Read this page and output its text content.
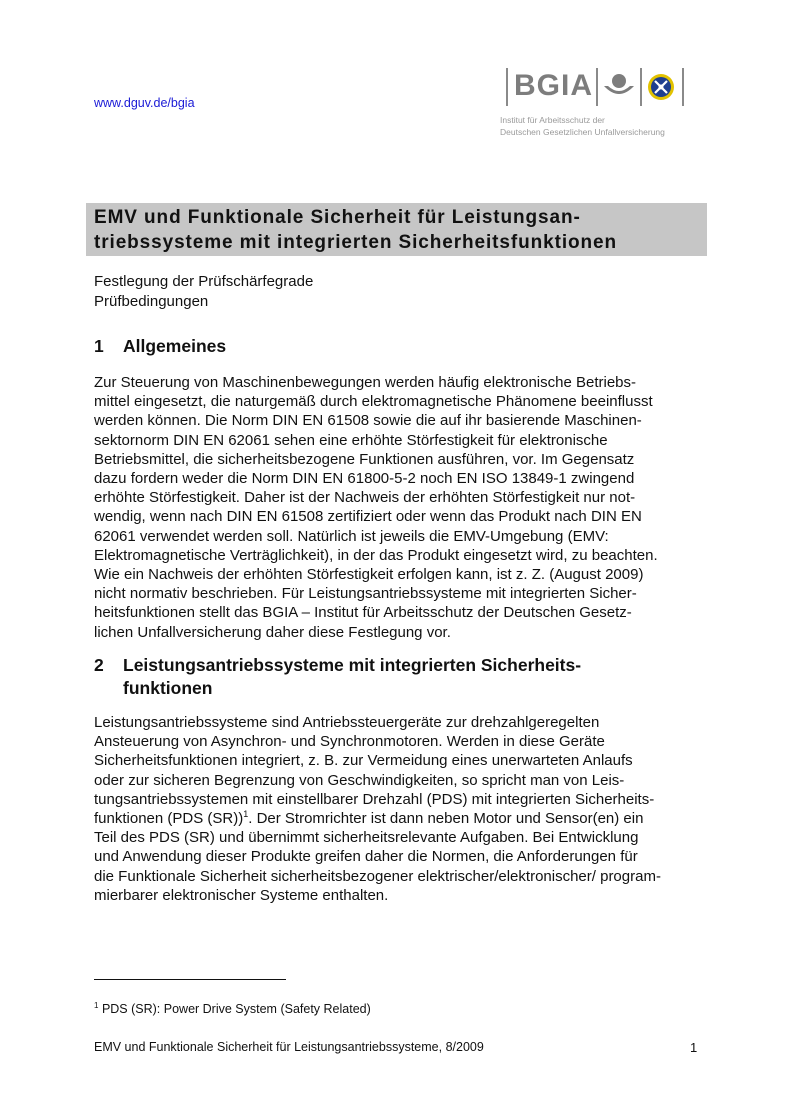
www.dguv.de/bgia
BGIA
Institut für Arbeitsschutz der
Deutschen Gesetzlichen Unfallversicherung
EMV und Funktionale Sicherheit für Leistungsan-
triebssysteme mit integrierten Sicherheitsfunktionen
Festlegung der Prüfschärfegrade
Prüfbedingungen
1 Allgemeines
Zur Steuerung von Maschinenbewegungen werden häufig elektronische Betriebs-
mittel eingesetzt, die naturgemäß durch elektromagnetische Phänomene beeinflusst
werden können. Die Norm DIN EN 61508 sowie die auf ihr basierende Maschinen-
sektornorm DIN EN 62061 sehen eine erhöhte Störfestigkeit für elektronische
Betriebsmittel, die sicherheitsbezogene Funktionen ausführen, vor. Im Gegensatz
dazu fordern weder die Norm DIN EN 61800-5-2 noch EN ISO 13849-1 zwingend
erhöhte Störfestigkeit. Daher ist der Nachweis der erhöhten Störfestigkeit nur not-
wendig, wenn nach DIN EN 61508 zertifiziert oder wenn das Produkt nach DIN EN
62061 verwendet werden soll. Natürlich ist jeweils die EMV-Umgebung (EMV:
Elektromagnetische Verträglichkeit), in der das Produkt eingesetzt wird, zu beachten.
Wie ein Nachweis der erhöhten Störfestigkeit erfolgen kann, ist z. Z. (August 2009)
nicht normativ beschrieben. Für Leistungsantriebssysteme mit integrierten Sicher-
heitsfunktionen stellt das BGIA – Institut für Arbeitsschutz der Deutschen Gesetz-
lichen Unfallversicherung daher diese Festlegung vor.
2 Leistungsantriebssysteme mit integrierten Sicherheits-
funktionen
Leistungsantriebssysteme sind Antriebssteuergeräte zur drehzahlgeregelten
Ansteuerung von Asynchron- und Synchronmotoren. Werden in diese Geräte
Sicherheitsfunktionen integriert, z. B. zur Vermeidung eines unerwarteten Anlaufs
oder zur sicheren Begrenzung von Geschwindigkeiten, so spricht man von Leis-
tungsantriebssystemen mit einstellbarer Drehzahl (PDS) mit integrierten Sicherheits-
funktionen (PDS (SR))$^1$. Der Stromrichter ist dann neben Motor und Sensor(en) ein
Teil des PDS (SR) und übernimmt sicherheitsrelevante Aufgaben. Bei Entwicklung
und Anwendung dieser Produkte greifen daher die Normen, die Anforderungen für
die Funktionale Sicherheit sicherheitsbezogener elektrischer/elektronischer/ program-
mierbarer elektronischer Systeme enthalten.
$^1$ PDS (SR): Power Drive System (Safety Related)
EMV und Funktionale Sicherheit für Leistungsantriebssysteme, 8/2009	1
